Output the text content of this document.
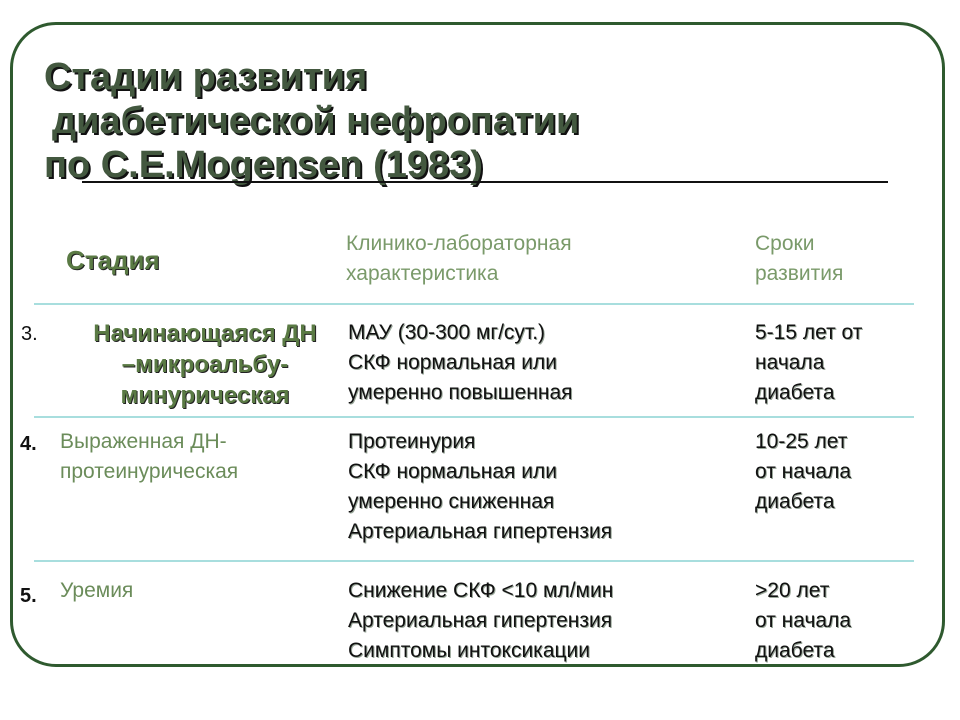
Стадии развития
диабетической нефропатии
по С.Е.Mogensen (1983)
Стадия
Клинико-лабораторная
характеристика
Сроки
развития
3.	Начинающаяся ДН
–микроальбу-
минурическая
МАУ (30-300 мг/сут.)
СКФ нормальная или
умеренно повышенная
5-15 лет от
начала
диабета
4. Выраженная ДН-
протеинурическая
Протеинурия
СКФ нормальная или
умеренно сниженная
Артериальная гипертензия
10-25 лет
от начала
диабета
5. Уремия	Снижение СКФ <10 мл/мин
Артериальная гипертензия
Симптомы интоксикации
>20 лет
от начала
диабета
